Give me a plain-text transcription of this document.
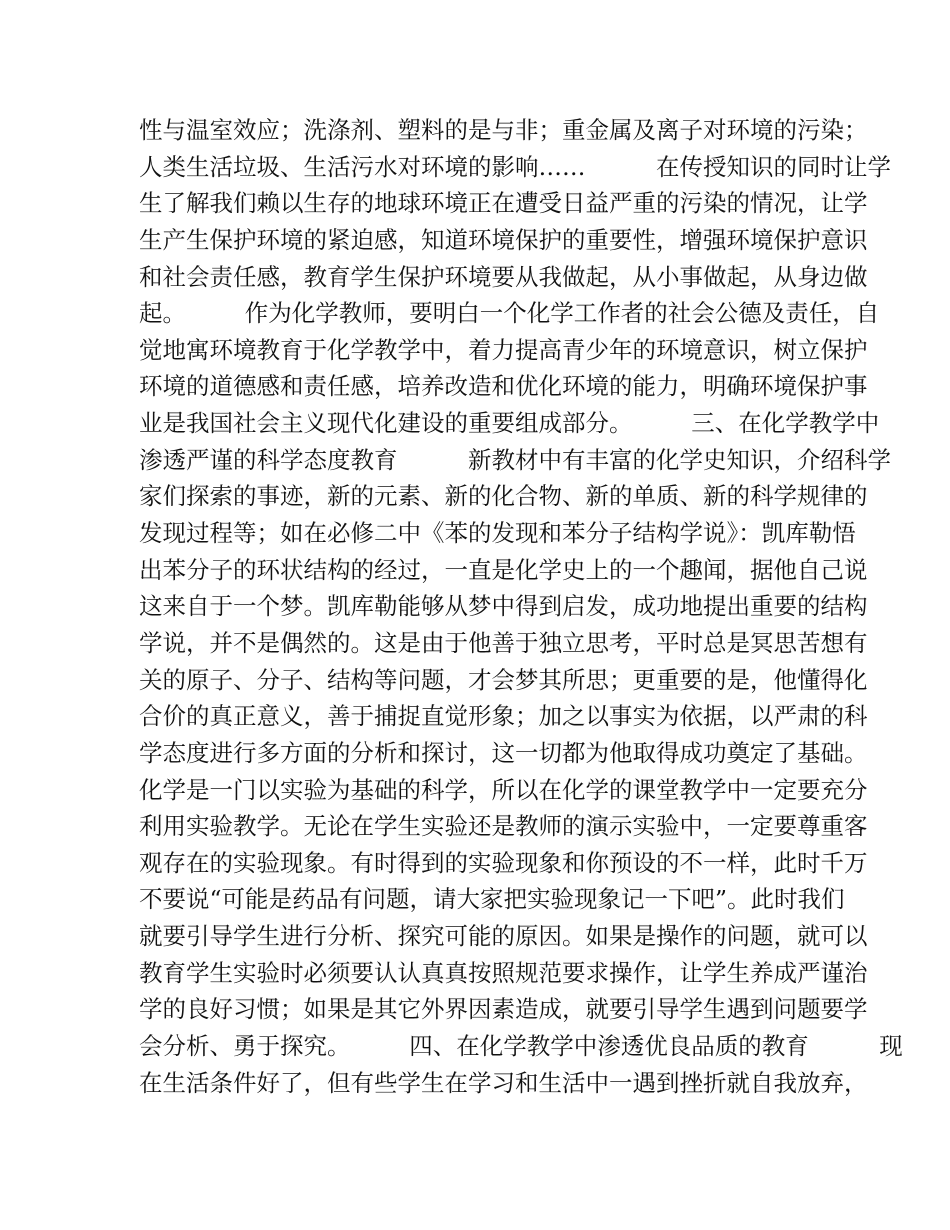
性与温室效应；洗涤剂、塑料的是与非；重金属及离子对环境的污染；
人类生活垃圾、生活污水对环境的影响……　　　在传授知识的同时让学
生了解我们赖以生存的地球环境正在遭受日益严重的污染的情况，让学
生产生保护环境的紧迫感，知道环境保护的重要性，增强环境保护意识
和社会责任感，教育学生保护环境要从我做起，从小事做起，从身边做
起。　　　作为化学教师，要明白一个化学工作者的社会公德及责任，自
觉地寓环境教育于化学教学中，着力提高青少年的环境意识，树立保护
环境的道德感和责任感，培养改造和优化环境的能力，明确环境保护事
业是我国社会主义现代化建设的重要组成部分。　　　三、在化学教学中
渗透严谨的科学态度教育　　　新教材中有丰富的化学史知识，介绍科学
家们探索的事迹，新的元素、新的化合物、新的单质、新的科学规律的
发现过程等；如在必修二中《苯的发现和苯分子结构学说》：凯库勒悟
出苯分子的环状结构的经过，一直是化学史上的一个趣闻，据他自己说
这来自于一个梦。凯库勒能够从梦中得到启发，成功地提出重要的结构
学说，并不是偶然的。这是由于他善于独立思考，平时总是冥思苦想有
关的原子、分子、结构等问题，才会梦其所思；更重要的是，他懂得化
合价的真正意义，善于捕捉直觉形象；加之以事实为依据，以严肃的科
学态度进行多方面的分析和探讨，这一切都为他取得成功奠定了基础。
化学是一门以实验为基础的科学，所以在化学的课堂教学中一定要充分
利用实验教学。无论在学生实验还是教师的演示实验中，一定要尊重客
观存在的实验现象。有时得到的实验现象和你预设的不一样，此时千万
不要说“可能是药品有问题，请大家把实验现象记一下吧”。此时我们
就要引导学生进行分析、探究可能的原因。如果是操作的问题，就可以
教育学生实验时必须要认认真真按照规范要求操作，让学生养成严谨治
学的良好习惯；如果是其它外界因素造成，就要引导学生遇到问题要学
会分析、勇于探究。　　　四、在化学教学中渗透优良品质的教育　　　现
在生活条件好了，但有些学生在学习和生活中一遇到挫折就自我放弃，
